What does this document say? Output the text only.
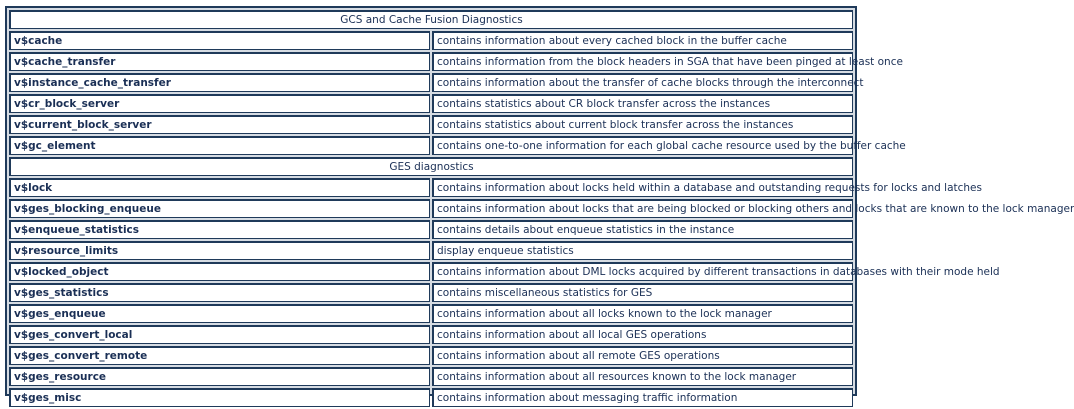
GCS and Cache Fusion Diagnostics	
v$cache	contains information about every cached block in the buffer cache
v$cache_transfer	contains information from the block headers in SGA that have been pinged at least once
v$instance_cache_transfer	contains information about the transfer of cache blocks through the interconnect
v$cr_block_server	contains statistics about CR block transfer across the instances
v$current_block_server	contains statistics about current block transfer across the instances
v$gc_element	contains one-to-one information for each global cache resource used by the buffer cache
GES diagnostics	
v$lock	contains information about locks held within a database and outstanding requests for locks and latches
v$ges_blocking_enqueue	contains information about locks that are being blocked or blocking others and locks that are known to the lock manager
v$enqueue_statistics	contains details about enqueue statistics in the instance
v$resource_limits	display enqueue statistics
v$locked_object	contains information about DML locks acquired by different transactions in databases with their mode held
v$ges_statistics	contains miscellaneous statistics for GES
v$ges_enqueue	contains information about all locks known to the lock manager
v$ges_convert_local	contains information about all local GES operations
v$ges_convert_remote	contains information about all remote GES operations
v$ges_resource	contains information about all resources known to the lock manager
v$ges_misc	contains information about messaging traffic information
